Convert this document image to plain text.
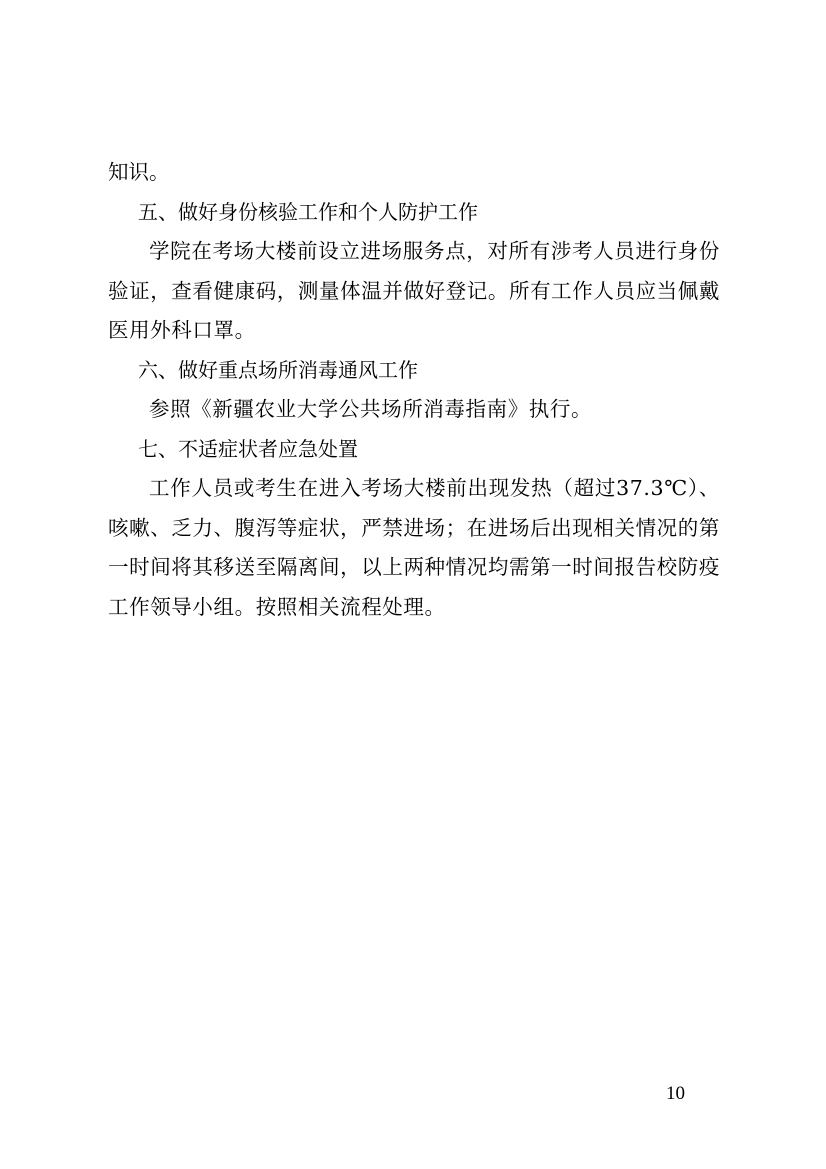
知识。
五、做好身份核验工作和个人防护工作
学院在考场大楼前设立进场服务点，对所有涉考人员进行身份验证，查看健康码，测量体温并做好登记。所有工作人员应当佩戴医用外科口罩。
六、做好重点场所消毒通风工作
参照《新疆农业大学公共场所消毒指南》执行。
七、不适症状者应急处置
工作人员或考生在进入考场大楼前出现发热（超过37.3℃）、咳嗽、乏力、腹泻等症状，严禁进场；在进场后出现相关情况的第一时间将其移送至隔离间，以上两种情况均需第一时间报告校防疫工作领导小组。按照相关流程处理。
10
